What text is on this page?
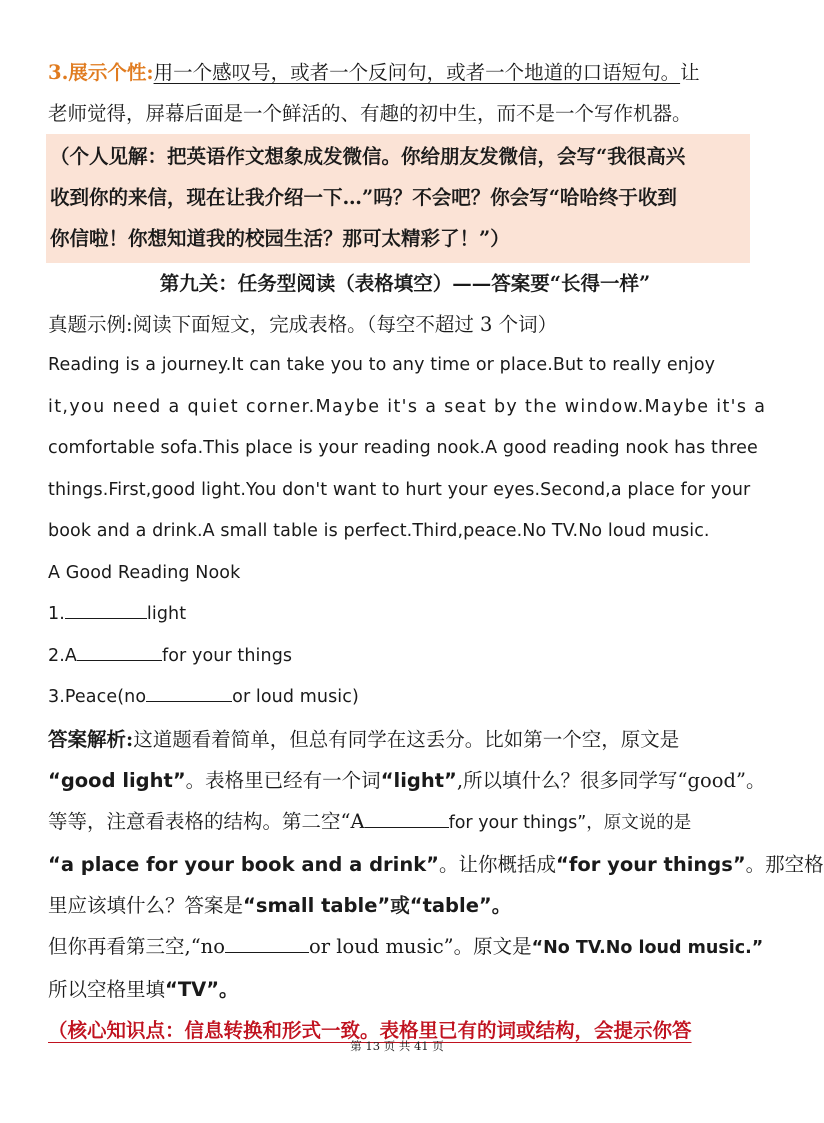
3.展示个性:用一个感叹号，或者一个反问句，或者一个地道的口语短句。让
老师觉得，屏幕后面是一个鲜活的、有趣的初中生，而不是一个写作机器。
（个人见解：把英语作文想象成发微信。你给朋友发微信，会写“我很高兴
收到你的来信，现在让我介绍一下…”吗？不会吧？你会写“哈哈终于收到
你信啦！你想知道我的校园生活？那可太精彩了！”）
第九关：任务型阅读（表格填空）——答案要“长得一样”
真题示例:阅读下面短文，完成表格。（每空不超过 3 个词）
Reading is a journey.It can take you to any time or place.But to really enjoy
it,you need a quiet corner.Maybe it's a seat by the window.Maybe it's a
comfortable sofa.This place is your reading nook.A good reading nook has three
things.First,good light.You don't want to hurt your eyes.Second,a place for your
book and a drink.A small table is perfect.Third,peace.No TV.No loud music.
A Good Reading Nook
1.	light
2.A	for your things
3.Peace(no	or loud music)
答案解析:这道题看着简单，但总有同学在这丢分。比如第一个空，原文是
“good light”。表格里已经有一个词“light”,所以填什么？很多同学写“good”。
等等，注意看表格的结构。第二空“A	for your things”，原文说的是
“a place for your book and a drink”。让你概括成“for your things”。那空格
里应该填什么？答案是“small table”或“table”。
但你再看第三空,“no	or loud music”。原文是“No TV.No loud music.”
所以空格里填“TV”。
（核心知识点：信息转换和形式一致。表格里已有的词或结构，会提示你答
第 13 页 共 41 页
